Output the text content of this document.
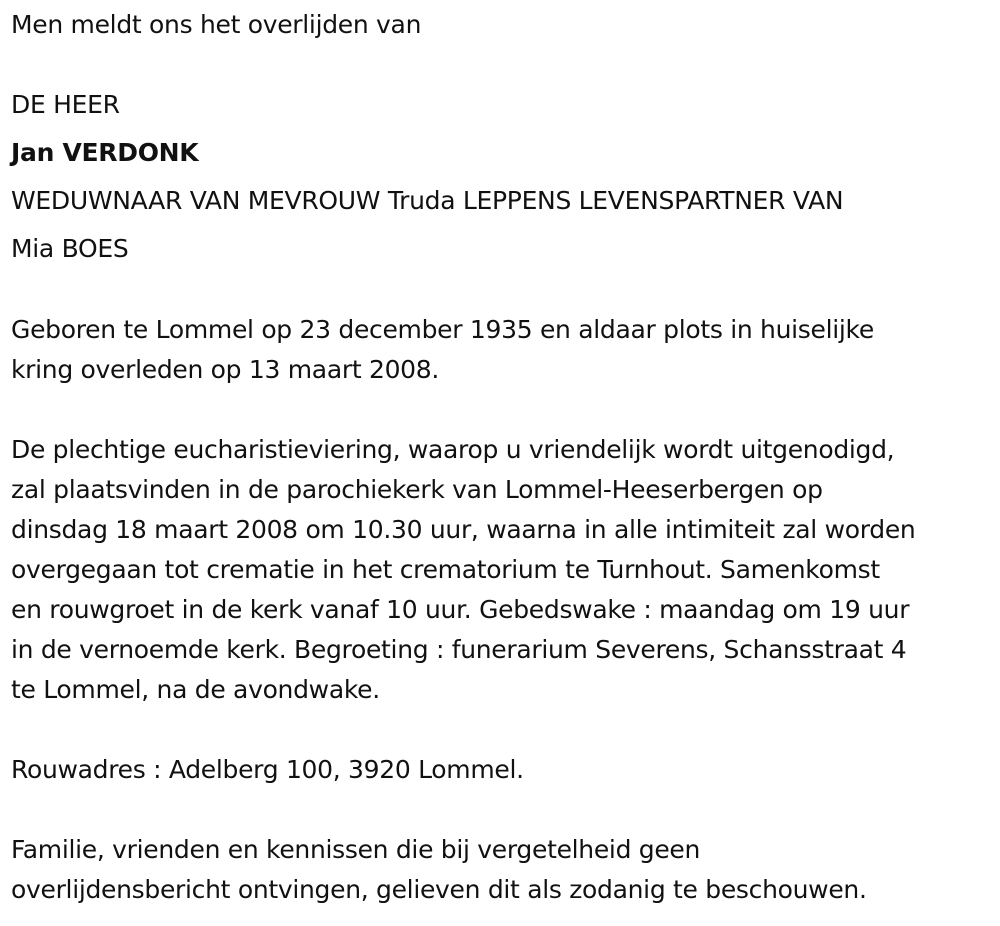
Men meldt ons het overlijden van

DE HEER

Jan VERDONK

WEDUWNAAR VAN MEVROUW Truda LEPPENS LEVENSPARTNER VAN

Mia BOES

Geboren te Lommel op 23 december 1935 en aldaar plots in huiselijke
kring overleden op 13 maart 2008.
De plechtige eucharistieviering, waarop u vriendelijk wordt uitgenodigd,
zal plaatsvinden in de parochiekerk van Lommel-Heeserbergen op
dinsdag 18 maart 2008 om 10.30 uur, waarna in alle intimiteit zal worden
overgegaan tot crematie in het crematorium te Turnhout. Samenkomst
en rouwgroet in de kerk vanaf 10 uur. Gebedswake : maandag om 19 uur
in de vernoemde kerk. Begroeting : funerarium Severens, Schansstraat 4
te Lommel, na de avondwake.
Rouwadres : Adelberg 100, 3920 Lommel.
Familie, vrienden en kennissen die bij vergetelheid geen
overlijdensbericht ontvingen, gelieven dit als zodanig te beschouwen.
